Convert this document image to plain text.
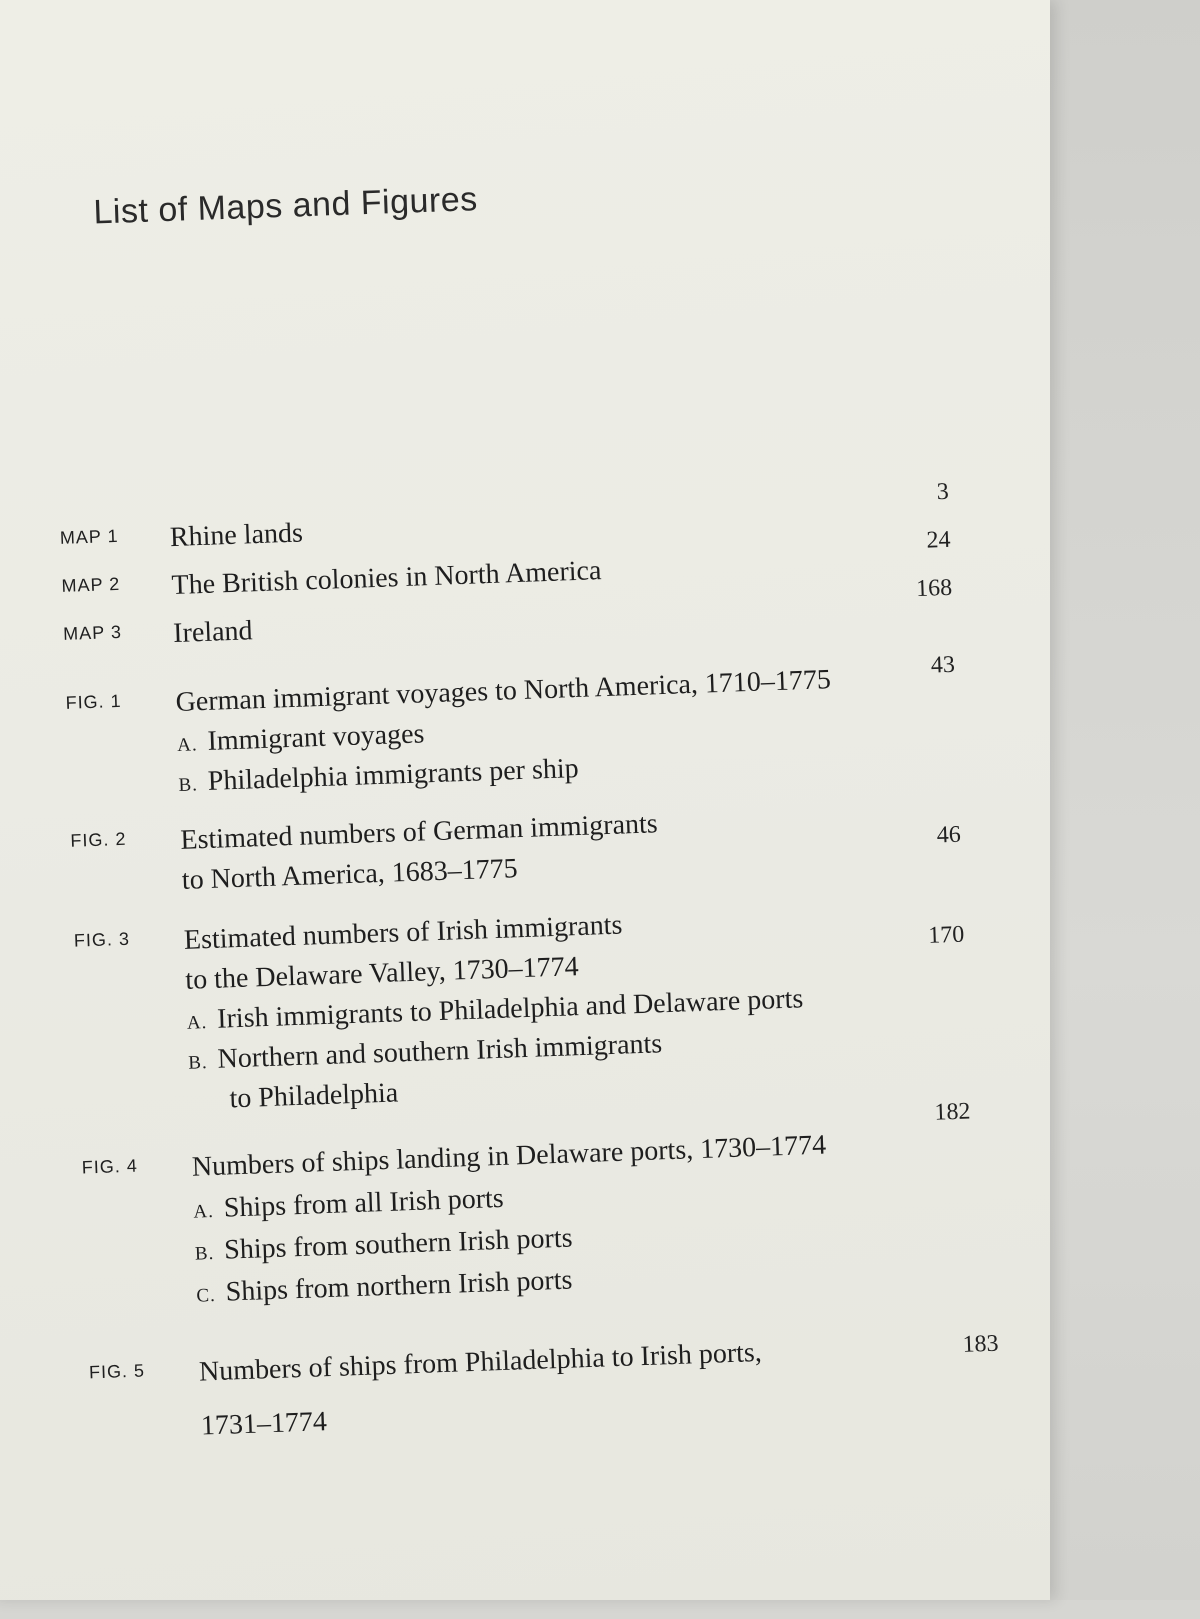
List of Maps and Figures
MAP 1 Rhine lands
3
MAP 2 The British colonies in North America
24
MAP 3 Ireland
168
FIG. 1 German immigrant voyages to North America, 1710–1775	43
A. Immigrant voyages
B. Philadelphia immigrants per ship
FIG. 2 Estimated numbers of German immigrants
to North America, 1683–1775
46
FIG. 3 Estimated numbers of Irish immigrants
to the Delaware Valley, 1730–1774
170
A. Irish immigrants to Philadelphia and Delaware ports
B. Northern and southern Irish immigrants
to Philadelphia
FIG. 4 Numbers of ships landing in Delaware ports, 1730–1774
182
A. Ships from all Irish ports
B. Ships from southern Irish ports
C. Ships from northern Irish ports
FIG. 5 Numbers of ships from Philadelphia to Irish ports,
1731–1774
183
